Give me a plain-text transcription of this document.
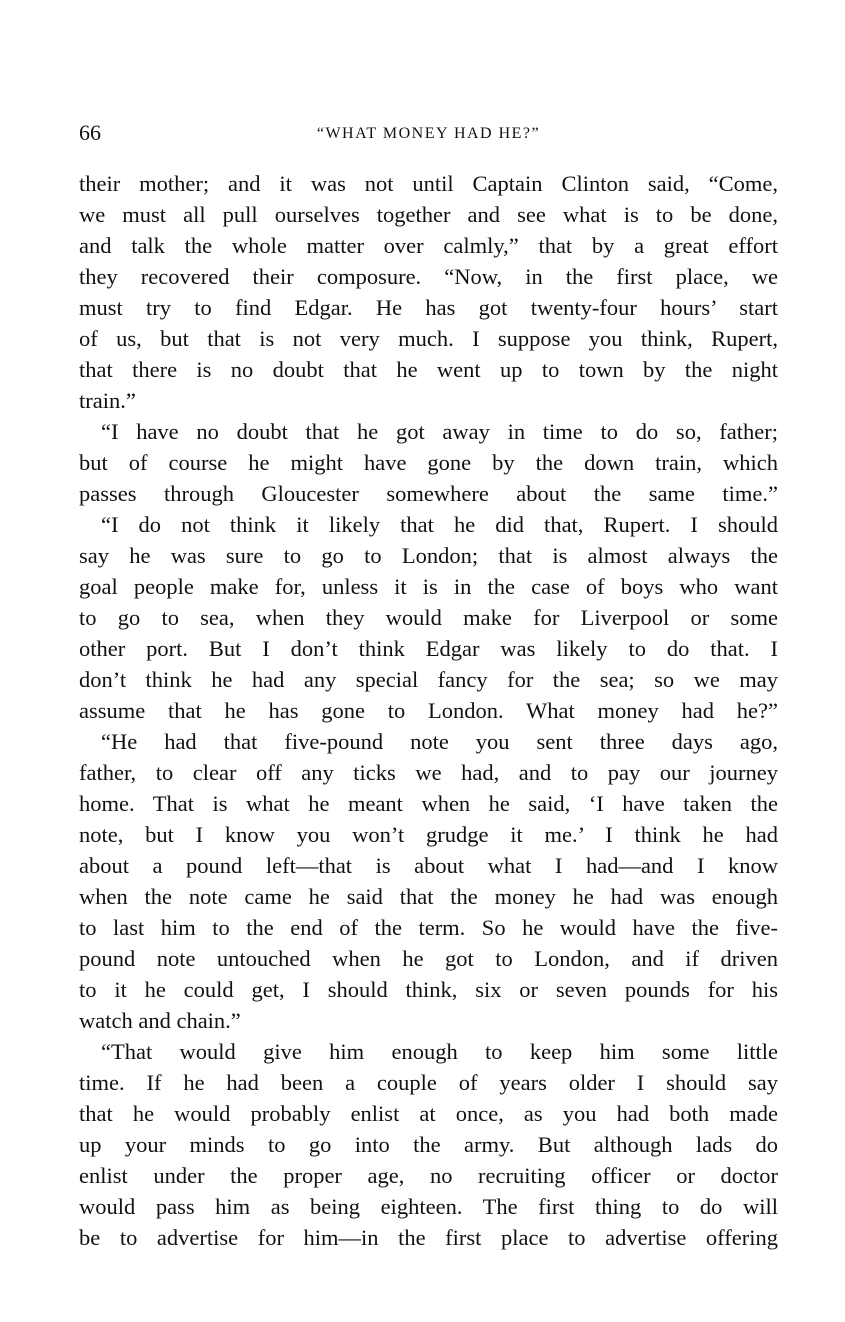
66	“WHAT MONEY HAD HE?”
their mother; and it was not until Captain Clinton said, “Come,
we must all pull ourselves together and see what is to be done,
and talk the whole matter over calmly,” that by a great effort
they recovered their composure. “Now, in the first place, we
must try to find Edgar. He has got twenty-four hours’ start
of us, but that is not very much. I suppose you think, Rupert,
that there is no doubt that he went up to town by the night
train.”
“I have no doubt that he got away in time to do so, father;
but of course he might have gone by the down train, which
passes through Gloucester somewhere about the same time.”
“I do not think it likely that he did that, Rupert. I should
say he was sure to go to London; that is almost always the
goal people make for, unless it is in the case of boys who want
to go to sea, when they would make for Liverpool or some
other port. But I don’t think Edgar was likely to do that. I
don’t think he had any special fancy for the sea; so we may
assume that he has gone to London. What money had he?”
“He had that five-pound note you sent three days ago,
father, to clear off any ticks we had, and to pay our journey
home. That is what he meant when he said, ‘I have taken the
note, but I know you won’t grudge it me.’ I think he had
about a pound left—that is about what I had—and I know
when the note came he said that the money he had was enough
to last him to the end of the term. So he would have the five-
pound note untouched when he got to London, and if driven
to it he could get, I should think, six or seven pounds for his
watch and chain.”
“That would give him enough to keep him some little
time. If he had been a couple of years older I should say
that he would probably enlist at once, as you had both made
up your minds to go into the army. But although lads do
enlist under the proper age, no recruiting officer or doctor
would pass him as being eighteen. The first thing to do will
be to advertise for him—in the first place to advertise offering
